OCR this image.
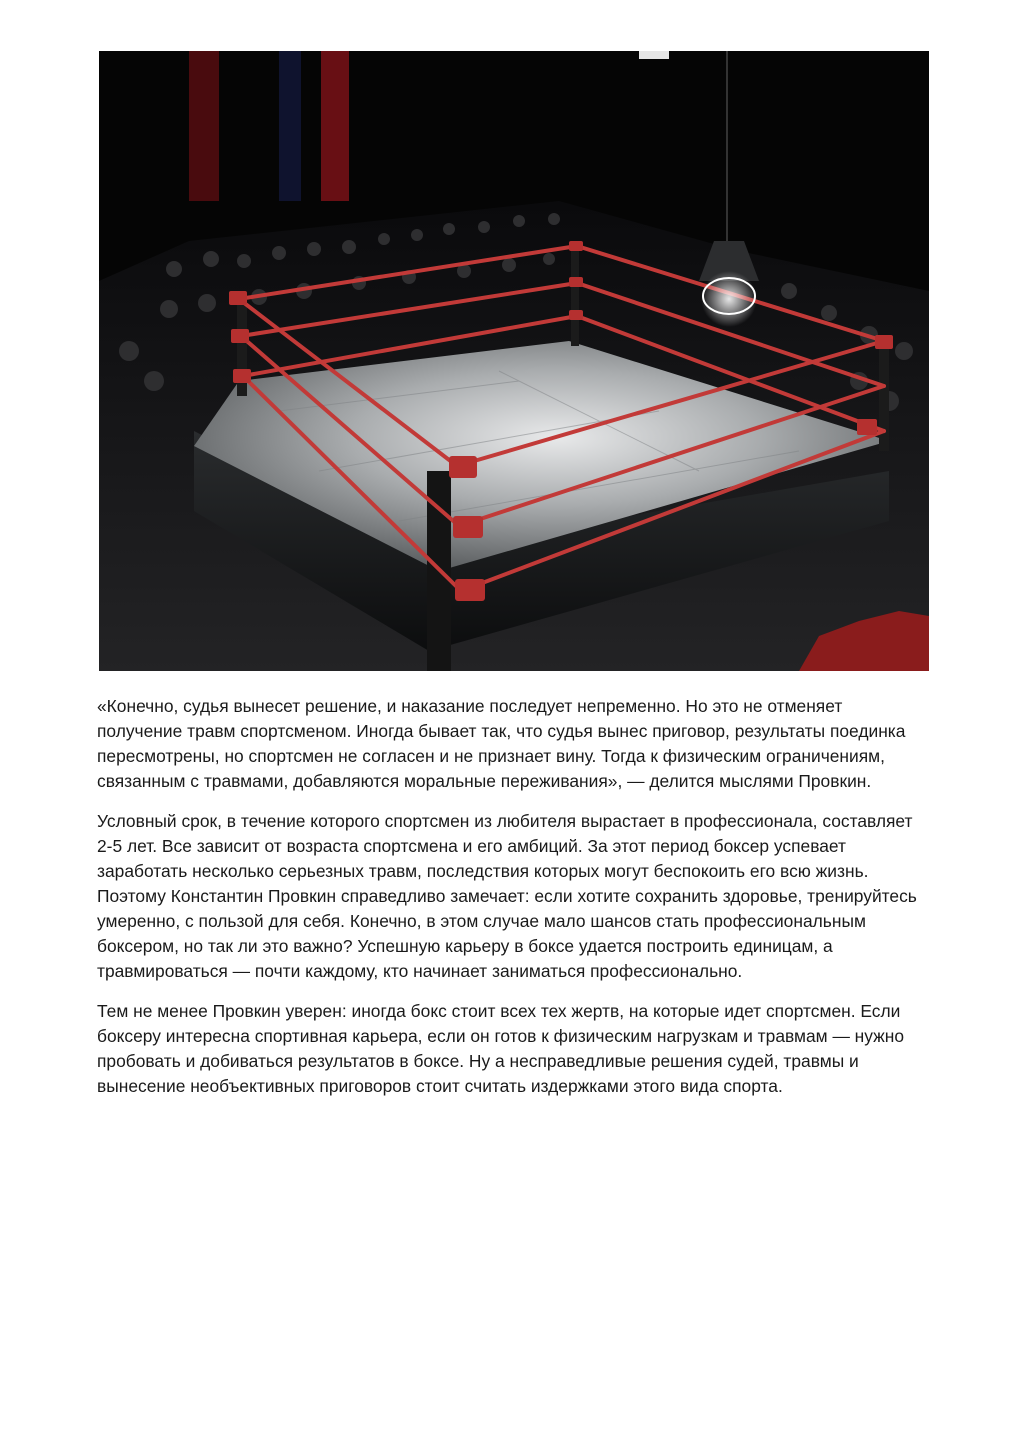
«Конечно, судья вынесет решение, и наказание последует непременно. Но это не отменяет получение травм спортсменом. Иногда бывает так, что судья вынес приговор, результаты поединка пересмотрены, но спортсмен не согласен и не признает вину. Тогда к физическим ограничениям, связанным с травмами, добавляются моральные переживания», — делится мыслями Провкин.

Условный срок, в течение которого спортсмен из любителя вырастает в профессионала, составляет 2-5 лет. Все зависит от возраста спортсмена и его амбиций. За этот период боксер успевает заработать несколько серьезных травм, последствия которых могут беспокоить его всю жизнь. Поэтому Константин Провкин справедливо замечает: если хотите сохранить здоровье, тренируйтесь умеренно, с пользой для себя. Конечно, в этом случае мало шансов стать профессиональным боксером, но так ли это важно? Успешную карьеру в боксе удается построить единицам, а травмироваться — почти каждому, кто начинает заниматься профессионально.

Тем не менее Провкин уверен: иногда бокс стоит всех тех жертв, на которые идет спортсмен. Если боксеру интересна спортивная карьера, если он готов к физическим нагрузкам и травмам — нужно пробовать и добиваться результатов в боксе. Ну а несправедливые решения судей, травмы и вынесение необъективных приговоров стоит считать издержками этого вида спорта.
